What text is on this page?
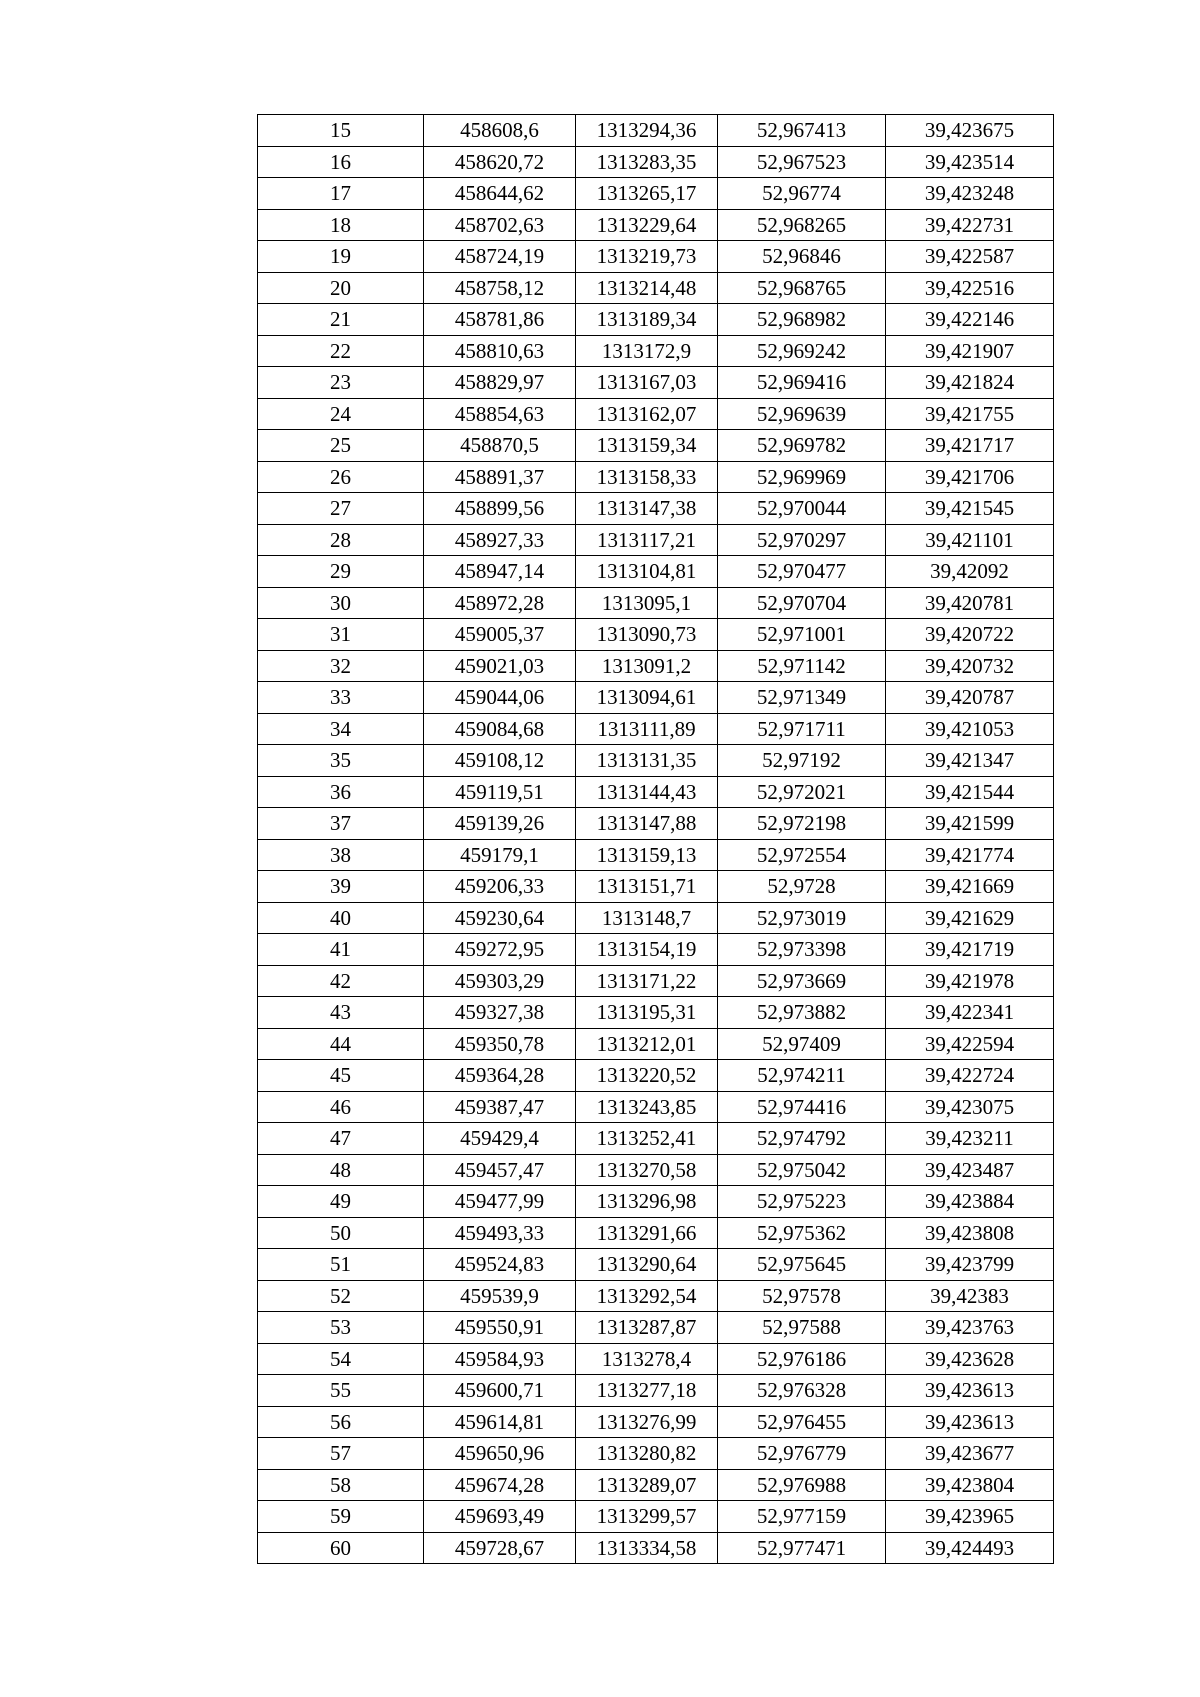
15	458608,6	1313294,36	52,967413	39,423675
16	458620,72	1313283,35	52,967523	39,423514
17	458644,62	1313265,17	52,96774	39,423248
18	458702,63	1313229,64	52,968265	39,422731
19	458724,19	1313219,73	52,96846	39,422587
20	458758,12	1313214,48	52,968765	39,422516
21	458781,86	1313189,34	52,968982	39,422146
22	458810,63	1313172,9	52,969242	39,421907
23	458829,97	1313167,03	52,969416	39,421824
24	458854,63	1313162,07	52,969639	39,421755
25	458870,5	1313159,34	52,969782	39,421717
26	458891,37	1313158,33	52,969969	39,421706
27	458899,56	1313147,38	52,970044	39,421545
28	458927,33	1313117,21	52,970297	39,421101
29	458947,14	1313104,81	52,970477	39,42092
30	458972,28	1313095,1	52,970704	39,420781
31	459005,37	1313090,73	52,971001	39,420722
32	459021,03	1313091,2	52,971142	39,420732
33	459044,06	1313094,61	52,971349	39,420787
34	459084,68	1313111,89	52,971711	39,421053
35	459108,12	1313131,35	52,97192	39,421347
36	459119,51	1313144,43	52,972021	39,421544
37	459139,26	1313147,88	52,972198	39,421599
38	459179,1	1313159,13	52,972554	39,421774
39	459206,33	1313151,71	52,9728	39,421669
40	459230,64	1313148,7	52,973019	39,421629
41	459272,95	1313154,19	52,973398	39,421719
42	459303,29	1313171,22	52,973669	39,421978
43	459327,38	1313195,31	52,973882	39,422341
44	459350,78	1313212,01	52,97409	39,422594
45	459364,28	1313220,52	52,974211	39,422724
46	459387,47	1313243,85	52,974416	39,423075
47	459429,4	1313252,41	52,974792	39,423211
48	459457,47	1313270,58	52,975042	39,423487
49	459477,99	1313296,98	52,975223	39,423884
50	459493,33	1313291,66	52,975362	39,423808
51	459524,83	1313290,64	52,975645	39,423799
52	459539,9	1313292,54	52,97578	39,42383
53	459550,91	1313287,87	52,97588	39,423763
54	459584,93	1313278,4	52,976186	39,423628
55	459600,71	1313277,18	52,976328	39,423613
56	459614,81	1313276,99	52,976455	39,423613
57	459650,96	1313280,82	52,976779	39,423677
58	459674,28	1313289,07	52,976988	39,423804
59	459693,49	1313299,57	52,977159	39,423965
60	459728,67	1313334,58	52,977471	39,424493
